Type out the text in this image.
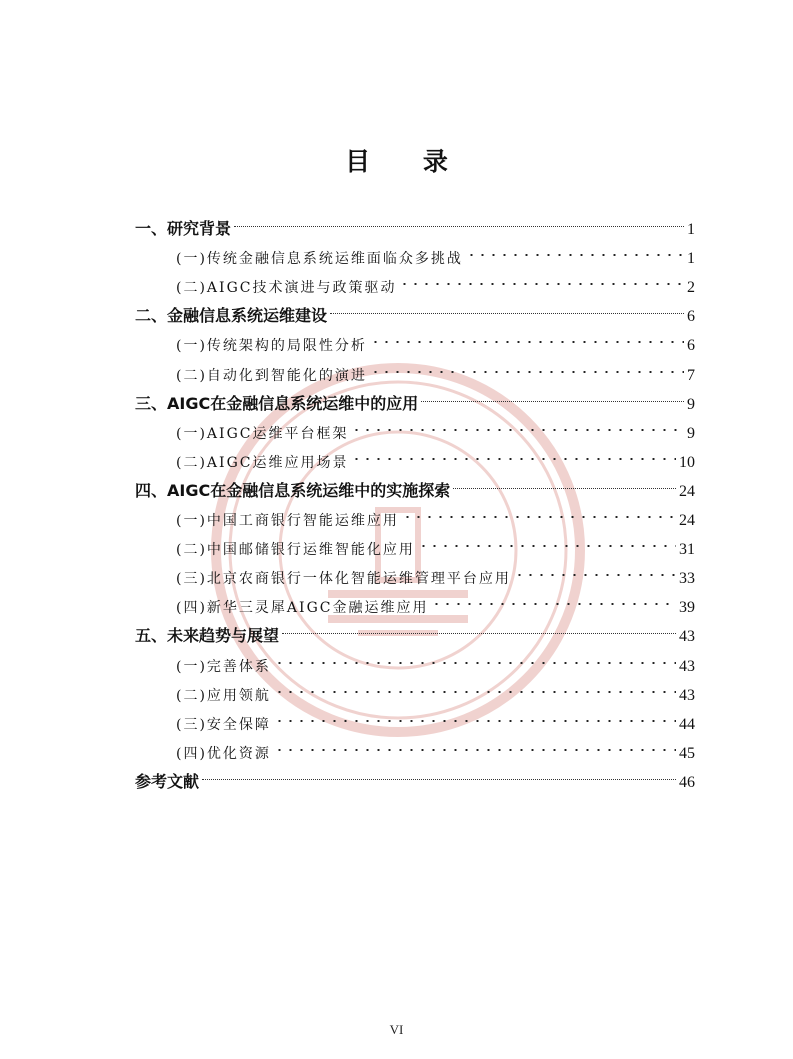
目 录
一、研究背景	1
(一)传统金融信息系统运维面临众多挑战	1
(二)AIGC技术演进与政策驱动	2
二、金融信息系统运维建设	6
(一)传统架构的局限性分析	6
(二)自动化到智能化的演进	7
三、AIGC在金融信息系统运维中的应用	9
(一)AIGC运维平台框架	9
(二)AIGC运维应用场景	10
四、AIGC在金融信息系统运维中的实施探索	24
(一)中国工商银行智能运维应用	24
(二)中国邮储银行运维智能化应用	31
(三)北京农商银行一体化智能运维管理平台应用	33
(四)新华三灵犀AIGC金融运维应用	39
五、未来趋势与展望	43
(一)完善体系	43
(二)应用领航	43
(三)安全保障	44
(四)优化资源	45
参考文献	46
VI
